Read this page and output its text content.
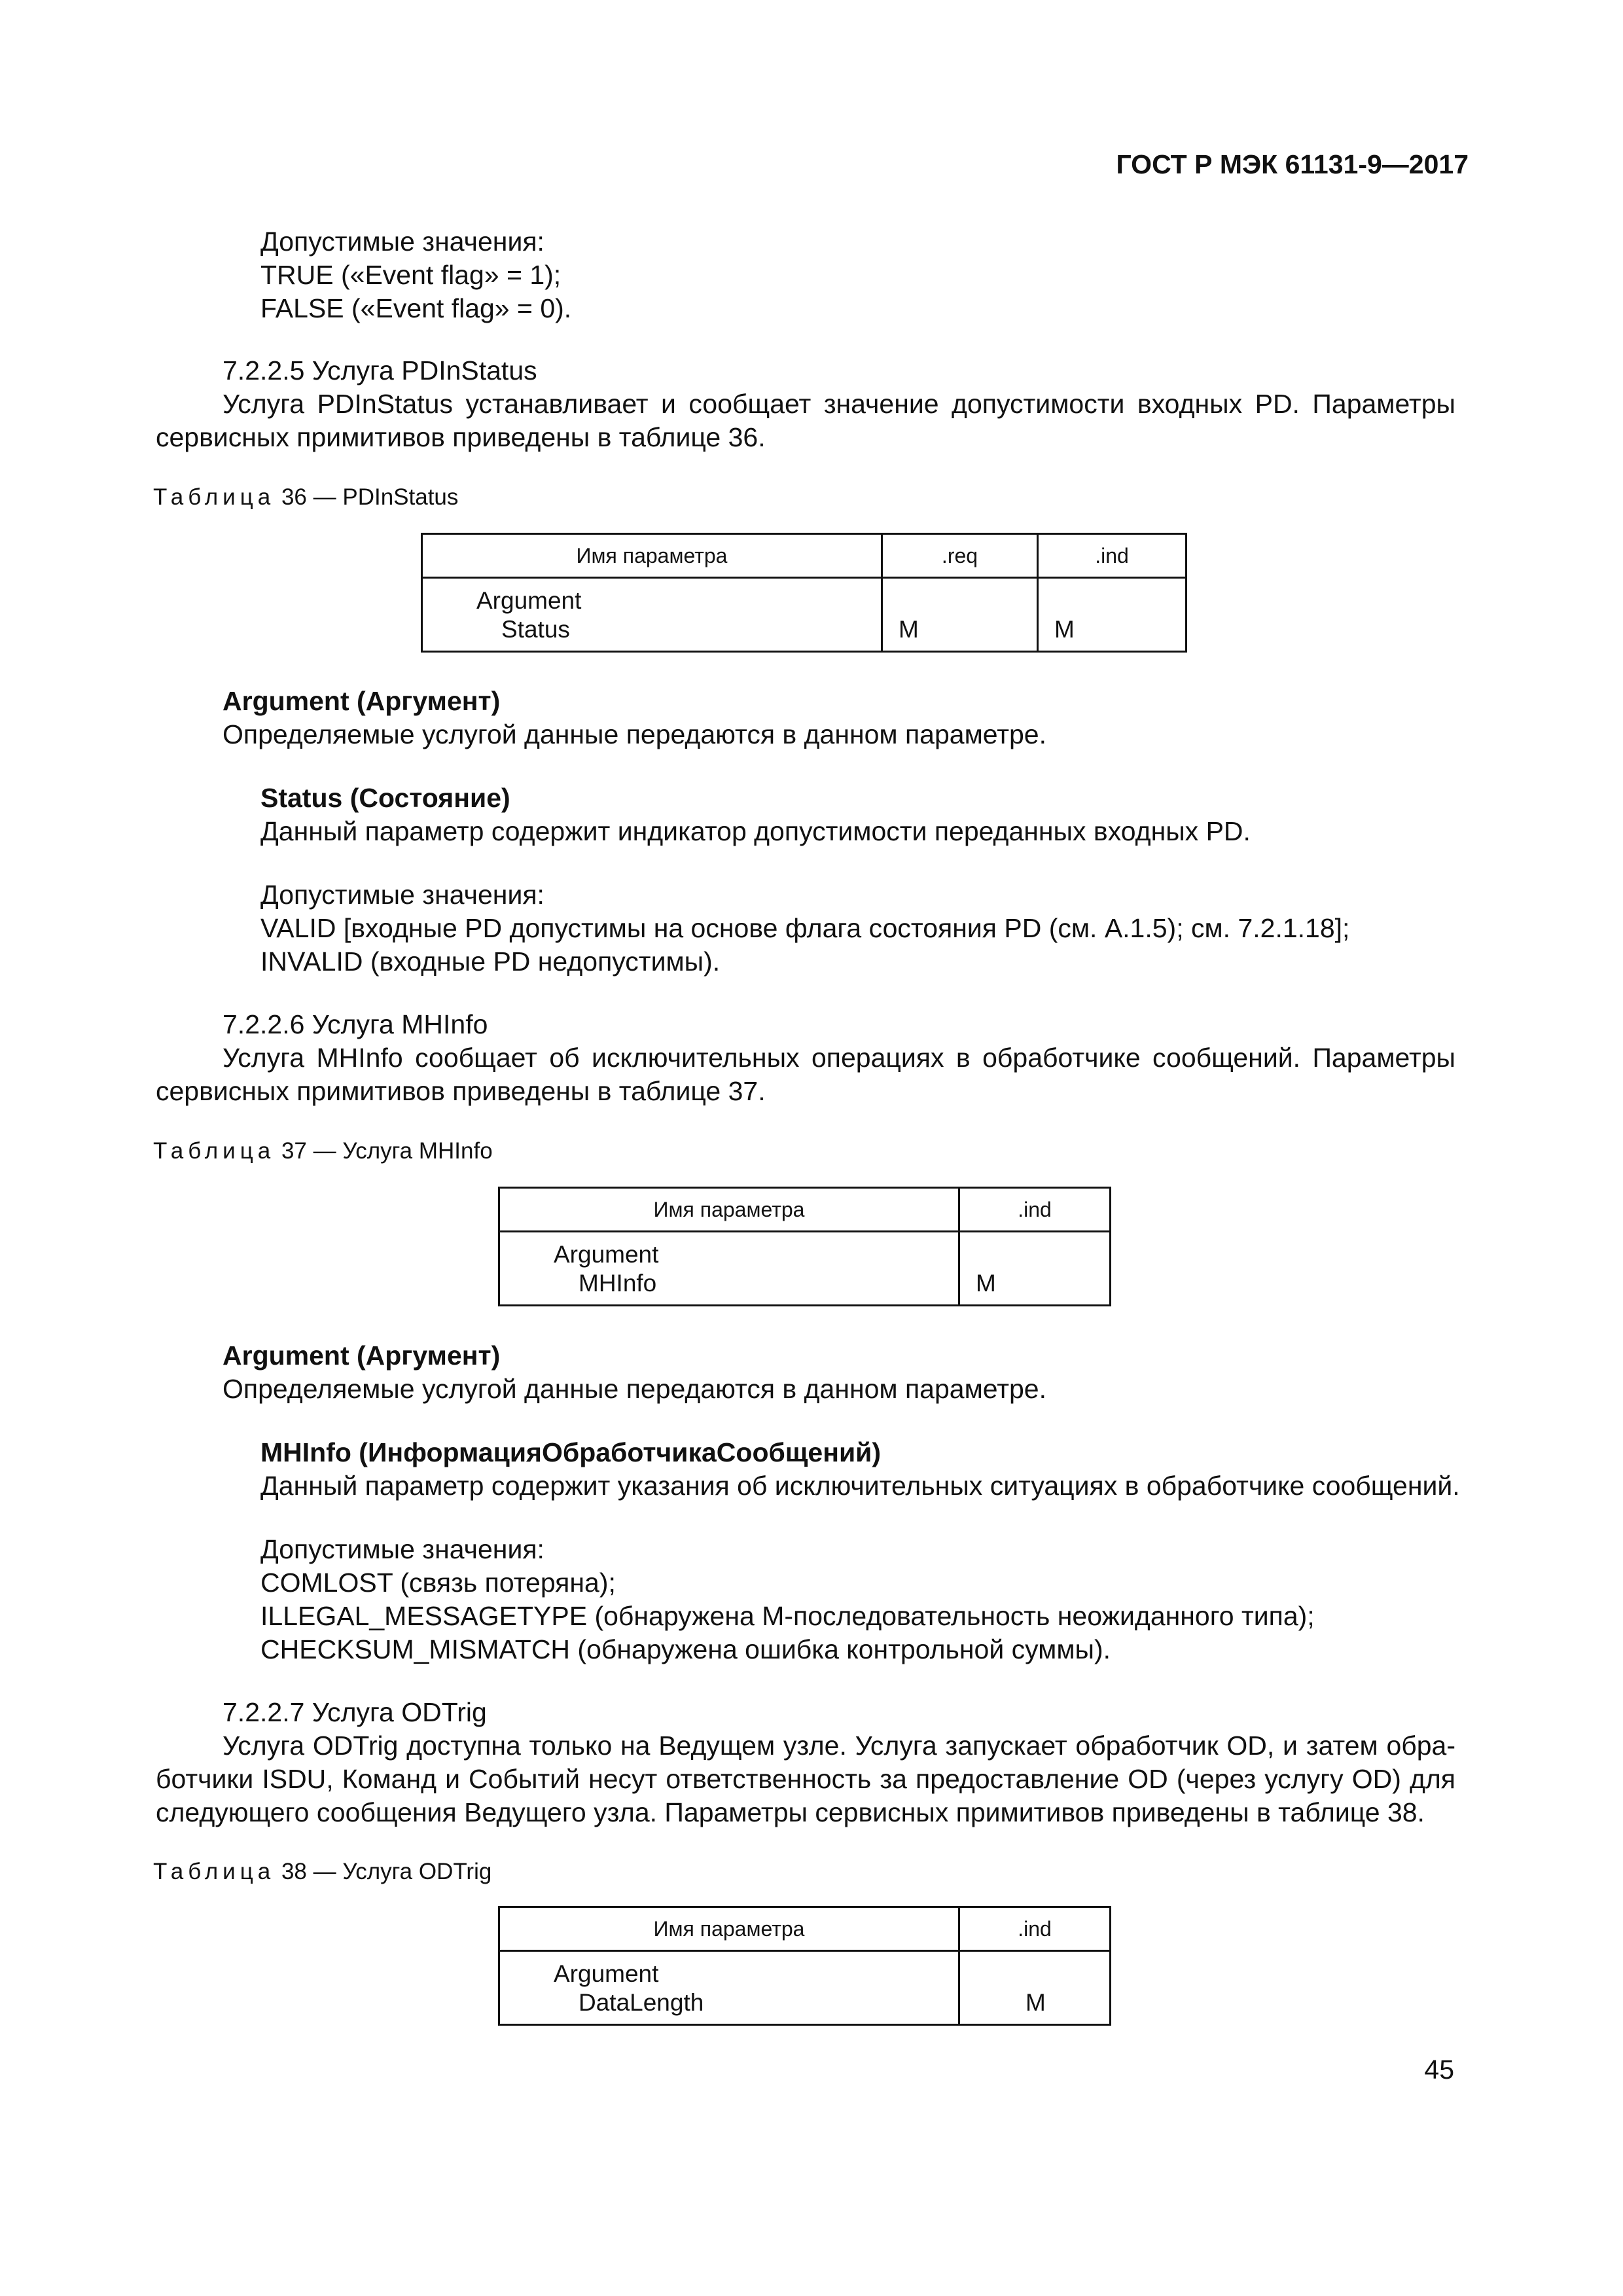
ГОСТ Р МЭК 61131-9—2017
Допустимые значения:
TRUE («Event flag» = 1);
FALSE («Event flag» = 0).
7.2.2.5 Услуга PDInStatus
Услуга PDInStatus устанавливает и сообщает значение допустимости входных PD. Параметры
сервисных примитивов приведены в таблице 36.
Таблица 36 — PDInStatus
Имя параметра	.req	.ind

Argument
Status	M	M
Argument (Аргумент)
Определяемые услугой данные передаются в данном параметре.
Status (Состояние)
Данный параметр содержит индикатор допустимости переданных входных PD.
Допустимые значения:
VALID [входные PD допустимы на основе флага состояния PD (см. А.1.5); см. 7.2.1.18];
INVALID (входные PD недопустимы).
7.2.2.6 Услуга MHInfo
Услуга MHInfo сообщает об исключительных операциях в обработчике сообщений. Параметры
сервисных примитивов приведены в таблице 37.
Таблица 37 — Услуга MHInfo
Имя параметра	.ind

Argument
MHInfo	M
Argument (Аргумент)
Определяемые услугой данные передаются в данном параметре.
MHInfo (ИнформацияОбработчикаСообщений)
Данный параметр содержит указания об исключительных ситуациях в обработчике сообщений.
Допустимые значения:
COMLOST (связь потеряна);
ILLEGAL_MESSAGETYPE (обнаружена М-последовательность неожиданного типа);
CHECKSUM_MISMATCH (обнаружена ошибка контрольной суммы).
7.2.2.7 Услуга ODTrig
Услуга ODTrig доступна только на Ведущем узле. Услуга запускает обработчик OD, и затем обра-
ботчики ISDU, Команд и Событий несут ответственность за предоставление OD (через услугу OD) для
следующего сообщения Ведущего узла. Параметры сервисных примитивов приведены в таблице 38.
Таблица 38 — Услуга ODTrig
Имя параметра	.ind

Argument
DataLength	M
45
